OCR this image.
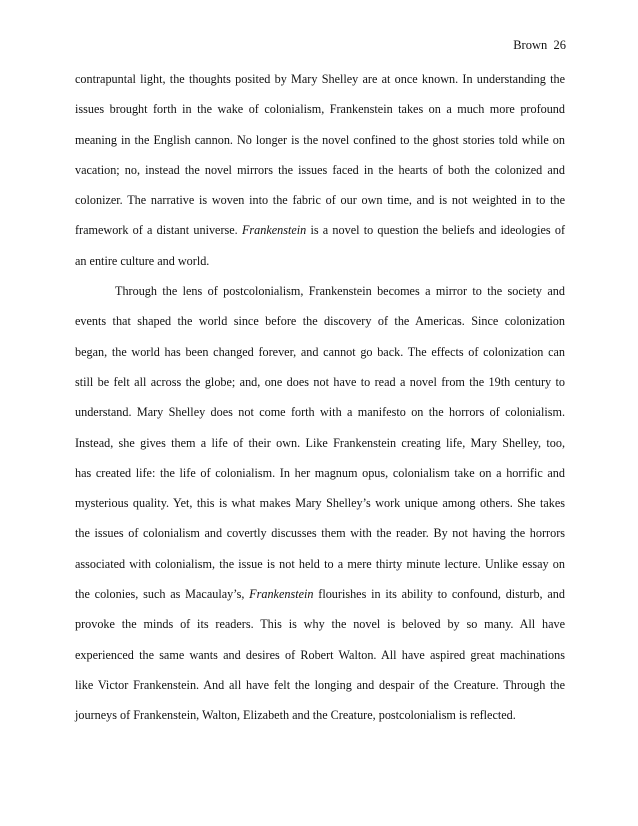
Brown  26
contrapuntal light, the thoughts posited by Mary Shelley are at once known. In understanding the
issues brought forth in the wake of colonialism, Frankenstein takes on a much more profound
meaning in the English cannon. No longer is the novel confined to the ghost stories told while on
vacation; no, instead the novel mirrors the issues faced in the hearts of both the colonized and
colonizer. The narrative is woven into the fabric of our own time, and is not weighted in to the
framework of a distant universe. Frankenstein is a novel to question the beliefs and ideologies of
an entire culture and world.
Through the lens of postcolonialism, Frankenstein becomes a mirror to the society and
events that shaped the world since before the discovery of the Americas. Since colonization
began, the world has been changed forever, and cannot go back. The effects of colonization can
still be felt all across the globe; and, one does not have to read a novel from the 19th century to
understand. Mary Shelley does not come forth with a manifesto on the horrors of colonialism.
Instead, she gives them a life of their own. Like Frankenstein creating life, Mary Shelley, too,
has created life: the life of colonialism. In her magnum opus, colonialism take on a horrific and
mysterious quality. Yet, this is what makes Mary Shelley’s work unique among others. She takes
the issues of colonialism and covertly discusses them with the reader. By not having the horrors
associated with colonialism, the issue is not held to a mere thirty minute lecture. Unlike essay on
the colonies, such as Macaulay’s, Frankenstein flourishes in its ability to confound, disturb, and
provoke the minds of its readers. This is why the novel is beloved by so many. All have
experienced the same wants and desires of Robert Walton. All have aspired great machinations
like Victor Frankenstein. And all have felt the longing and despair of the Creature. Through the
journeys of Frankenstein, Walton, Elizabeth and the Creature, postcolonialism is reflected.
